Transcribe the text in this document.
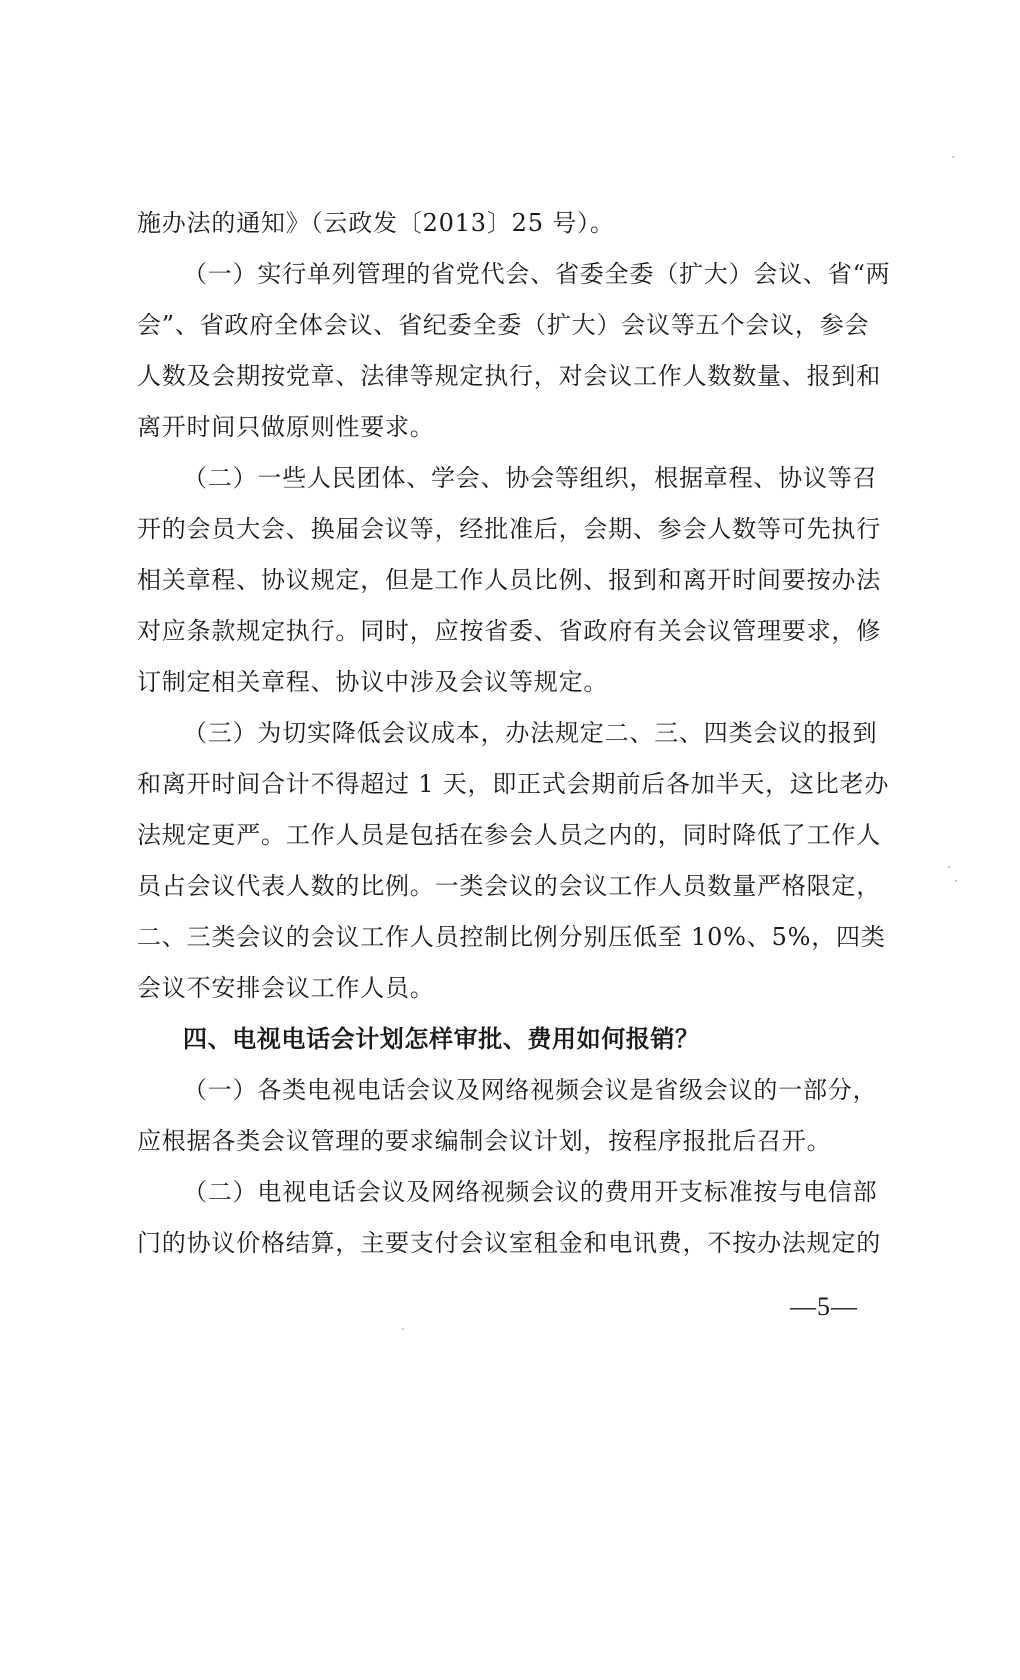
施办法的通知》（云政发〔2013〕25 号）。
（一）实行单列管理的省党代会、省委全委（扩大）会议、省“两
会”、省政府全体会议、省纪委全委（扩大）会议等五个会议，参会
人数及会期按党章、法律等规定执行，对会议工作人数数量、报到和
离开时间只做原则性要求。
（二）一些人民团体、学会、协会等组织，根据章程、协议等召
开的会员大会、换届会议等，经批准后，会期、参会人数等可先执行
相关章程、协议规定，但是工作人员比例、报到和离开时间要按办法
对应条款规定执行。同时，应按省委、省政府有关会议管理要求，修
订制定相关章程、协议中涉及会议等规定。
（三）为切实降低会议成本，办法规定二、三、四类会议的报到
和离开时间合计不得超过 1 天，即正式会期前后各加半天，这比老办
法规定更严。工作人员是包括在参会人员之内的，同时降低了工作人
员占会议代表人数的比例。一类会议的会议工作人员数量严格限定，
二、三类会议的会议工作人员控制比例分别压低至 10%、5%，四类
会议不安排会议工作人员。
四、电视电话会计划怎样审批、费用如何报销？
（一）各类电视电话会议及网络视频会议是省级会议的一部分，
应根据各类会议管理的要求编制会议计划，按程序报批后召开。
（二）电视电话会议及网络视频会议的费用开支标准按与电信部
门的协议价格结算，主要支付会议室租金和电讯费，不按办法规定的
—5—
